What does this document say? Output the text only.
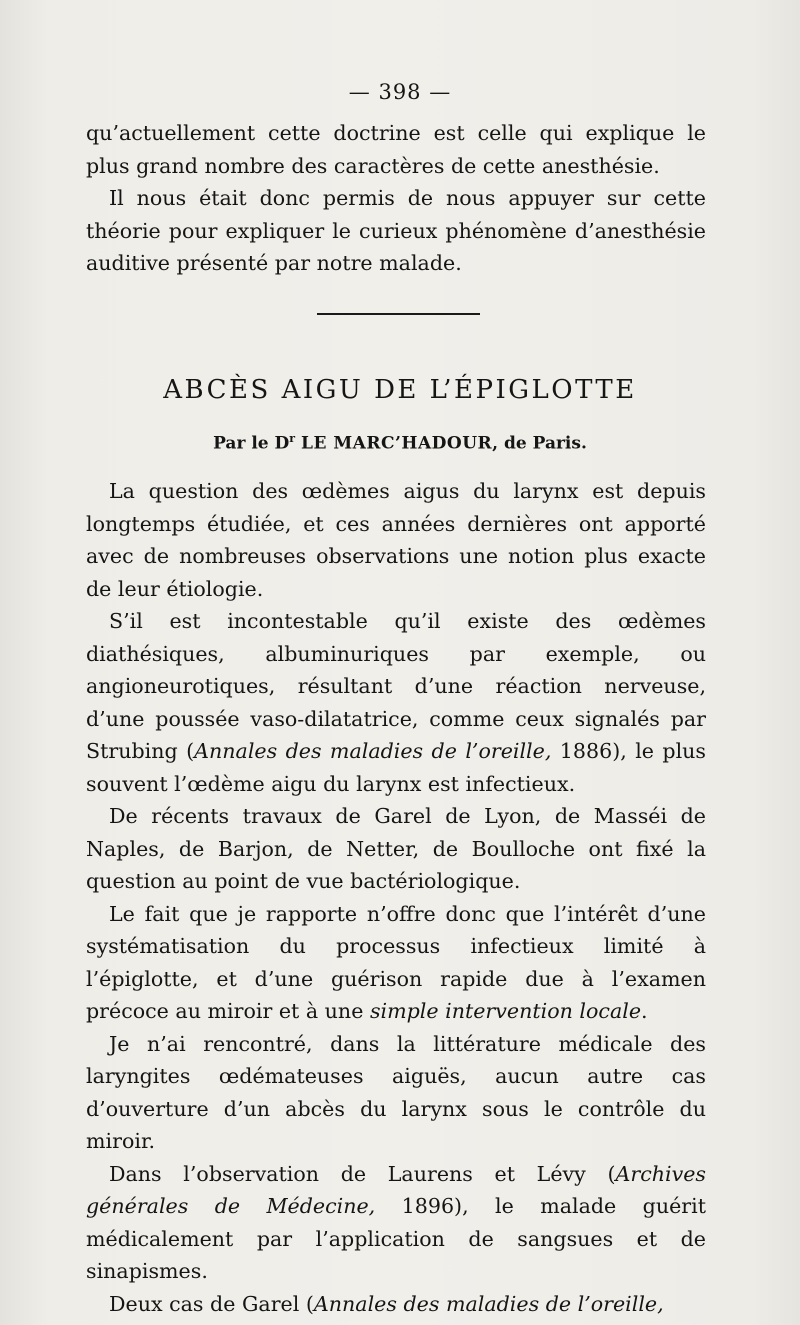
— 398 —

qu’actuellement cette doctrine est celle qui explique le plus grand nombre des caractères de cette anesthésie.

Il nous était donc permis de nous appuyer sur cette théorie pour expliquer le curieux phénomène d’anesthésie auditive présenté par notre malade.

ABCÈS AIGU DE L’ÉPIGLOTTE
Par le $D^r$ LE MARC’HADOUR, de Paris.

La question des œdèmes aigus du larynx est depuis longtemps étudiée, et ces années dernières ont apporté avec de nombreuses observations une notion plus exacte de leur étiologie.

S’il est incontestable qu’il existe des œdèmes diathésiques, albuminuriques par exemple, ou angioneurotiques, résultant d’une réaction nerveuse, d’une poussée vaso-dilatatrice, comme ceux signalés par Strubing (Annales des maladies de l’oreille, 1886), le plus souvent l’œdème aigu du larynx est infectieux.

De récents travaux de Garel de Lyon, de Masséi de Naples, de Barjon, de Netter, de Boulloche ont fixé la question au point de vue bactériologique.

Le fait que je rapporte n’offre donc que l’intérêt d’une systématisation du processus infectieux limité à l’épiglotte, et d’une guérison rapide due à l’examen précoce au miroir et à une simple intervention locale.

Je n’ai rencontré, dans la littérature médicale des laryngites œdémateuses aiguës, aucun autre cas d’ouverture d’un abcès du larynx sous le contrôle du miroir.

Dans l’observation de Laurens et Lévy (Archives générales de Médecine, 1896), le malade guérit médicalement par l’application de sangsues et de sinapismes.

Deux cas de Garel (Annales des maladies de l’oreille,
